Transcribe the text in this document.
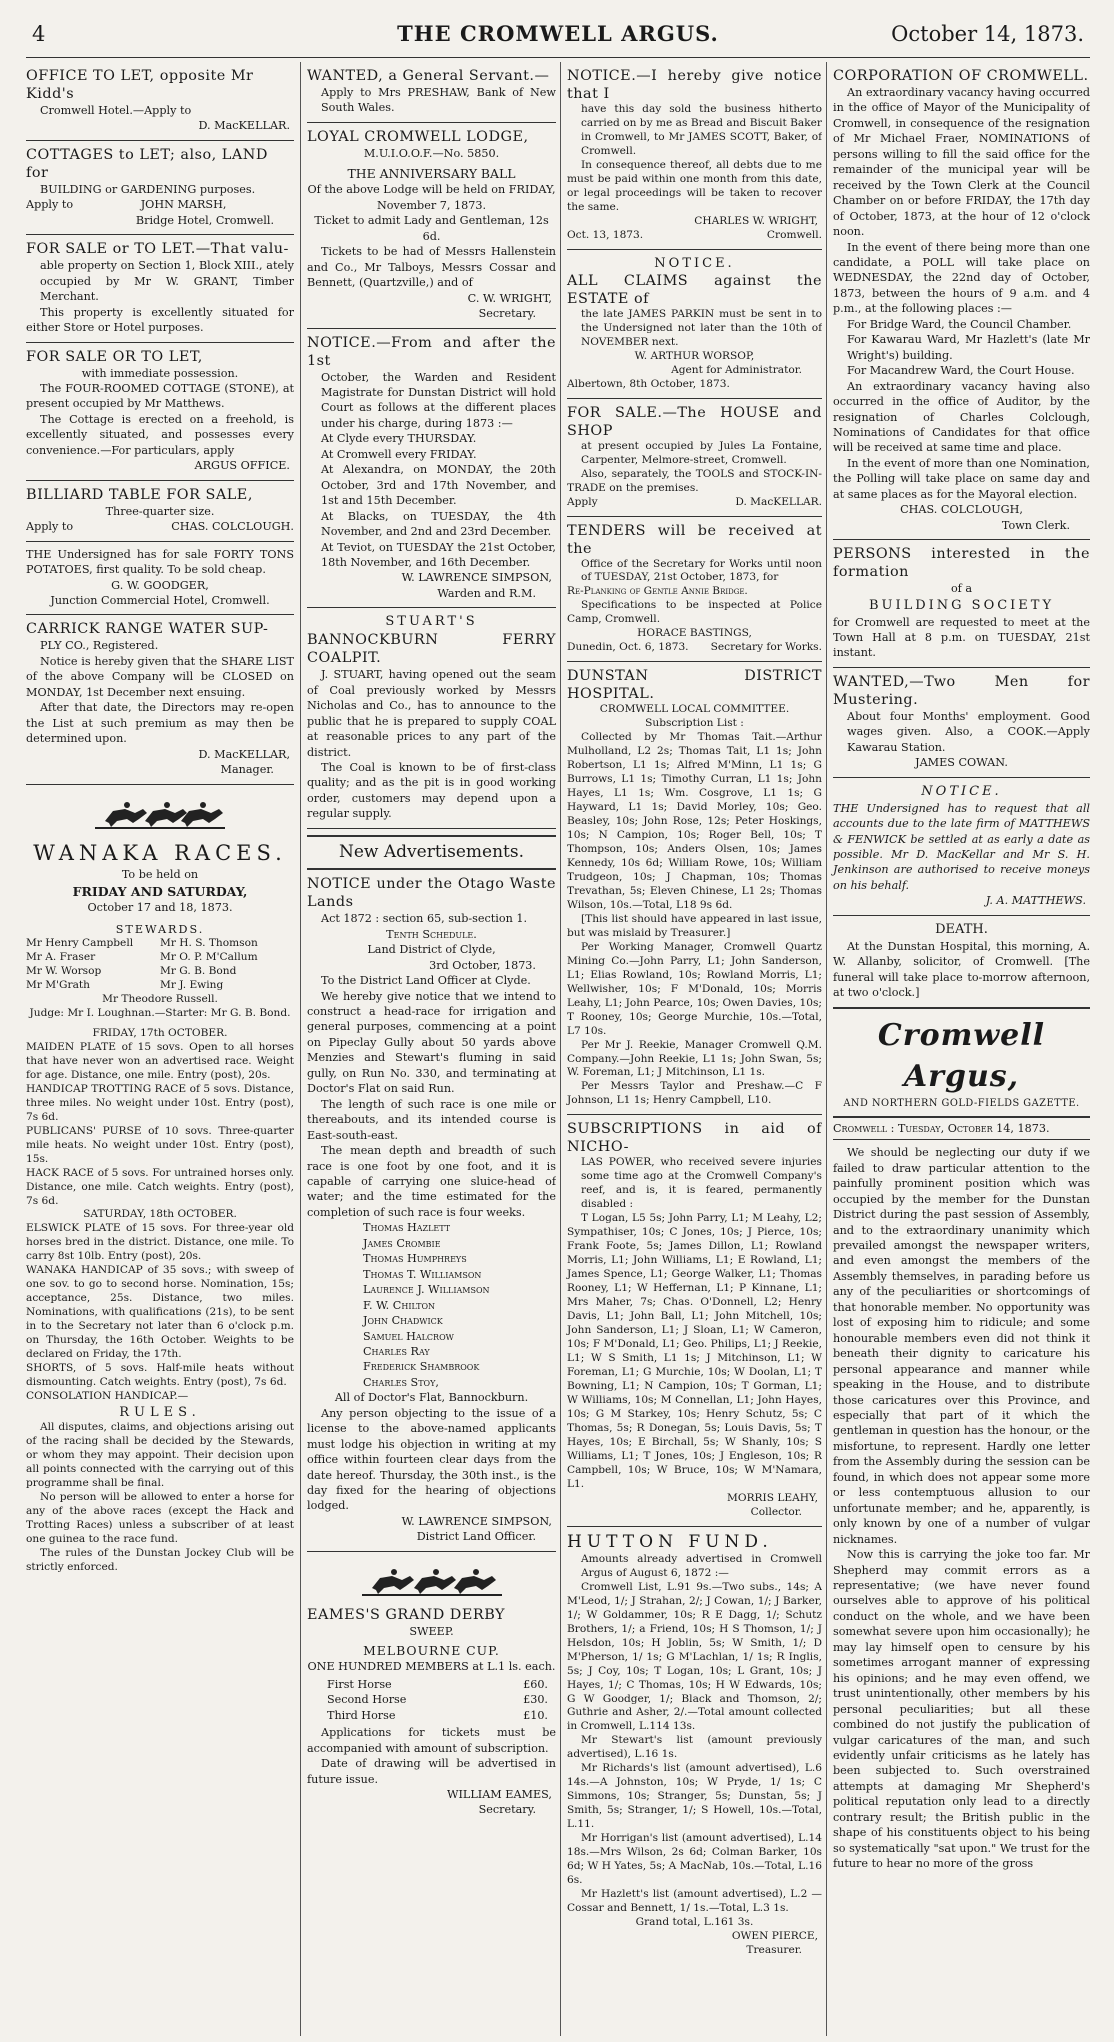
4	THE CROMWELL ARGUS.	October 14, 1873.

OFFICE TO LET, opposite Mr Kidd's

Cromwell Hotel.—Apply to

D. MacKELLAR.

COTTAGES to LET; also, LAND for

BUILDING or GARDENING purposes.

Apply to	JOHN MARSH,

Bridge Hotel, Cromwell.

FOR SALE or TO LET.—That valu-

able property on Section 1, Block XIII., ately occupied by Mr W. GRANT, Timber Merchant.

This property is excellently situated for either Store or Hotel purposes.

FOR SALE OR TO LET,

with immediate possession.

The FOUR-ROOMED COTTAGE (STONE), at present occupied by Mr Matthews.

The Cottage is erected on a freehold, is excellently situated, and possesses every convenience.—For particulars, apply

ARGUS OFFICE.

BILLIARD TABLE FOR SALE,

Three-quarter size.

Apply to	CHAS. COLCLOUGH.

THE Undersigned has for sale FORTY TONS POTATOES, first quality. To be sold cheap.

G. W. GOODGER,

Junction Commercial Hotel, Cromwell.

CARRICK RANGE WATER SUP-

PLY CO., Registered.

Notice is hereby given that the SHARE LIST of the above Company will be CLOSED on MONDAY, 1st December next ensuing.

After that date, the Directors may re-open the List at such premium as may then be determined upon.

D. MacKELLAR,

Manager.

WANAKA RACES.

To be held on

FRIDAY AND SATURDAY,

October 17 and 18, 1873.

STEWARDS.

Mr Henry Campbell	Mr H. S. Thomson
Mr A. Fraser	Mr O. P. M'Callum
Mr W. Worsop	Mr G. B. Bond
Mr M'Grath	Mr J. Ewing

Mr Theodore Russell.

Judge: Mr I. Loughnan.—Starter: Mr G. B. Bond.

FRIDAY, 17th OCTOBER.

MAIDEN PLATE of 15 sovs. Open to all horses that have never won an advertised race. Weight for age. Distance, one mile. Entry (post), 20s.

HANDICAP TROTTING RACE of 5 sovs. Distance, three miles. No weight under 10st. Entry (post), 7s 6d.

PUBLICANS' PURSE of 10 sovs. Three-quarter mile heats. No weight under 10st. Entry (post), 15s.

HACK RACE of 5 sovs. For untrained horses only. Distance, one mile. Catch weights. Entry (post), 7s 6d.

SATURDAY, 18th OCTOBER.

ELSWICK PLATE of 15 sovs. For three-year old horses bred in the district. Distance, one mile. To carry 8st 10lb. Entry (post), 20s.

WANAKA HANDICAP of 35 sovs.; with sweep of one sov. to go to second horse. Nomination, 15s; acceptance, 25s. Distance, two miles. Nominations, with qualifications (21s), to be sent in to the Secretary not later than 6 o'clock p.m. on Thursday, the 16th October. Weights to be declared on Friday, the 17th.

SHORTS, of 5 sovs. Half-mile heats without dismounting. Catch weights. Entry (post), 7s 6d.

CONSOLATION HANDICAP.—

RULES.

All disputes, claims, and objections arising out of the racing shall be decided by the Stewards, or whom they may appoint. Their decision upon all points connected with the carrying out of this programme shall be final.

No person will be allowed to enter a horse for any of the above races (except the Hack and Trotting Races) unless a subscriber of at least one guinea to the race fund.

The rules of the Dunstan Jockey Club will be strictly enforced.

WANTED, a General Servant.—

Apply to Mrs PRESHAW, Bank of New South Wales.

LOYAL CROMWELL LODGE,

M.U.I.O.O.F.—No. 5850.

THE ANNIVERSARY BALL

Of the above Lodge will be held on FRIDAY, November 7, 1873.

Ticket to admit Lady and Gentleman, 12s 6d.

Tickets to be had of Messrs Hallenstein and Co., Mr Talboys, Messrs Cossar and Bennett, (Quartzville,) and of

C. W. WRIGHT,

Secretary.

NOTICE.—From and after the 1st

October, the Warden and Resident Magistrate for Dunstan District will hold Court as follows at the different places under his charge, during 1873 :—

At Clyde every THURSDAY.

At Cromwell every FRIDAY.

At Alexandra, on MONDAY, the 20th October, 3rd and 17th November, and 1st and 15th December.

At Blacks, on TUESDAY, the 4th November, and 2nd and 23rd December.

At Teviot, on TUESDAY the 21st October, 18th November, and 16th December.

W. LAWRENCE SIMPSON,

Warden and R.M.

STUART'S

BANNOCKBURN FERRY COALPIT.

J. STUART, having opened out the seam of Coal previously worked by Messrs Nicholas and Co., has to announce to the public that he is prepared to supply COAL at reasonable prices to any part of the district.

The Coal is known to be of first-class quality; and as the pit is in good working order, customers may depend upon a regular supply.

New Advertisements.

NOTICE under the Otago Waste Lands

Act 1872 : section 65, sub-section 1.

Tenth Schedule.

Land District of Clyde,

3rd October, 1873.

To the District Land Officer at Clyde.

We hereby give notice that we intend to construct a head-race for irrigation and general purposes, commencing at a point on Pipeclay Gully about 50 yards above Menzies and Stewart's fluming in said gully, on Run No. 330, and terminating at Doctor's Flat on said Run.

The length of such race is one mile or thereabouts, and its intended course is East-south-east.

The mean depth and breadth of such race is one foot by one foot, and it is capable of carrying one sluice-head of water; and the time estimated for the completion of such race is four weeks.

Thomas Hazlett

James Crombie

Thomas Humphreys

Thomas T. Williamson

Laurence J. Williamson

F. W. Chilton

John Chadwick

Samuel Halcrow

Charles Ray

Frederick Shambrook

Charles Stoy,

All of Doctor's Flat, Bannockburn.

Any person objecting to the issue of a license to the above-named applicants must lodge his objection in writing at my office within fourteen clear days from the date hereof. Thursday, the 30th inst., is the day fixed for the hearing of objections lodged.

W. LAWRENCE SIMPSON,

District Land Officer.

EAMES'S GRAND DERBY

SWEEP.

MELBOURNE CUP.

ONE HUNDRED MEMBERS at L.1 ls. each.

First Horse	£60.

Second Horse	£30.

Third Horse	£10.

Applications for tickets must be accompanied with amount of subscription.

Date of drawing will be advertised in future issue.

WILLIAM EAMES,

Secretary.

NOTICE.—I hereby give notice that I

have this day sold the business hitherto carried on by me as Bread and Biscuit Baker in Cromwell, to Mr JAMES SCOTT, Baker, of Cromwell.

In consequence thereof, all debts due to me must be paid within one month from this date, or legal proceedings will be taken to recover the same.

CHARLES W. WRIGHT,

Oct. 13, 1873.	Cromwell.

NOTICE.

ALL CLAIMS against the ESTATE of

the late JAMES PARKIN must be sent in to the Undersigned not later than the 10th of NOVEMBER next.

W. ARTHUR WORSOP,

Agent for Administrator.

Albertown, 8th October, 1873.

FOR SALE.—The HOUSE and SHOP

at present occupied by Jules La Fontaine, Carpenter, Melmore-street, Cromwell.

Also, separately, the TOOLS and STOCK-IN-TRADE on the premises.

Apply	D. MacKELLAR.

TENDERS will be received at the

Office of the Secretary for Works until noon of TUESDAY, 21st October, 1873, for

Re-Planking of Gentle Annie Bridge.

Specifications to be inspected at Police Camp, Cromwell.

HORACE BASTINGS,

Dunedin, Oct. 6, 1873.	Secretary for Works.

DUNSTAN DISTRICT HOSPITAL.

CROMWELL LOCAL COMMITTEE.

Subscription List :

Collected by Mr Thomas Tait.—Arthur Mulholland, L2 2s; Thomas Tait, L1 1s; John Robertson, L1 1s; Alfred M'Minn, L1 1s; G Burrows, L1 1s; Timothy Curran, L1 1s; John Hayes, L1 1s; Wm. Cosgrove, L1 1s; G Hayward, L1 1s; David Morley, 10s; Geo. Beasley, 10s; John Rose, 12s; Peter Hoskings, 10s; N Campion, 10s; Roger Bell, 10s; T Thompson, 10s; Anders Olsen, 10s; James Kennedy, 10s 6d; William Rowe, 10s; William Trudgeon, 10s; J Chapman, 10s; Thomas Trevathan, 5s; Eleven Chinese, L1 2s; Thomas Wilson, 10s.—Total, L18 9s 6d.

[This list should have appeared in last issue, but was mislaid by Treasurer.]

Per Working Manager, Cromwell Quartz Mining Co.—John Parry, L1; John Sanderson, L1; Elias Rowland, 10s; Rowland Morris, L1; Wellwisher, 10s; F M'Donald, 10s; Morris Leahy, L1; John Pearce, 10s; Owen Davies, 10s; T Rooney, 10s; George Murchie, 10s.—Total, L7 10s.

Per Mr J. Reekie, Manager Cromwell Q.M. Company.—John Reekie, L1 1s; John Swan, 5s; W. Foreman, L1; J Mitchinson, L1 1s.

Per Messrs Taylor and Preshaw.—C F Johnson, L1 1s; Henry Campbell, L10.

SUBSCRIPTIONS in aid of NICHO-

LAS POWER, who received severe injuries some time ago at the Cromwell Company's reef, and is, it is feared, permanently disabled :

T Logan, L5 5s; John Parry, L1; M Leahy, L2; Sympathiser, 10s; C Jones, 10s; J Pierce, 10s; Frank Foote, 5s; James Dillon, L1; Rowland Morris, L1; John Williams, L1; E Rowland, L1; James Spence, L1; George Walker, L1; Thomas Rooney, L1; W Heffernan, L1; P Kinnane, L1; Mrs Maher, 7s; Chas. O'Donnell, L2; Henry Davis, L1; John Ball, L1; John Mitchell, 10s; John Sanderson, L1; J Sloan, L1; W Cameron, 10s; F M'Donald, L1; Geo. Philips, L1; J Reekie, L1; W S Smith, L1 1s; J Mitchinson, L1; W Foreman, L1; G Murchie, 10s; W Doolan, L1; T Bowning, L1; N Campion, 10s; T Gorman, L1; W Williams, 10s; M Connellan, L1; John Hayes, 10s; G M Starkey, 10s; Henry Schutz, 5s; C Thomas, 5s; R Donegan, 5s; Louis Davis, 5s; T Hayes, 10s; E Birchall, 5s; W Shanly, 10s; S Williams, L1; T Jones, 10s; J Engleson, 10s; R Campbell, 10s; W Bruce, 10s; W M'Namara, L1.

MORRIS LEAHY,

Collector.

HUTTON FUND.

Amounts already advertised in Cromwell Argus of August 6, 1872 :—

Cromwell List, L.91 9s.—Two subs., 14s; A M'Leod, 1/; J Strahan, 2/; J Cowan, 1/; J Barker, 1/; W Goldammer, 10s; R E Dagg, 1/; Schutz Brothers, 1/; a Friend, 10s; H S Thomson, 1/; J Helsdon, 10s; H Joblin, 5s; W Smith, 1/; D M'Pherson, 1/ 1s; G M'Lachlan, 1/ 1s; R Inglis, 5s; J Coy, 10s; T Logan, 10s; L Grant, 10s; J Hayes, 1/; C Thomas, 10s; H W Edwards, 10s; G W Goodger, 1/; Black and Thomson, 2/; Guthrie and Asher, 2/.—Total amount collected in Cromwell, L.114 13s.

Mr Stewart's list (amount previously advertised), L.16 1s.

Mr Richards's list (amount advertised), L.6 14s.—A Johnston, 10s; W Pryde, 1/ 1s; C Simmons, 10s; Stranger, 5s; Dunstan, 5s; J Smith, 5s; Stranger, 1/; S Howell, 10s.—Total, L.11.

Mr Horrigan's list (amount advertised), L.14 18s.—Mrs Wilson, 2s 6d; Colman Barker, 10s 6d; W H Yates, 5s; A MacNab, 10s.—Total, L.16 6s.

Mr Hazlett's list (amount advertised), L.2 — Cossar and Bennett, 1/ 1s.—Total, L.3 1s.

Grand total, L.161 3s.

OWEN PIERCE,

Treasurer.

CORPORATION OF CROMWELL.

An extraordinary vacancy having occurred in the office of Mayor of the Municipality of Cromwell, in consequence of the resignation of Mr Michael Fraer, NOMINATIONS of persons willing to fill the said office for the remainder of the municipal year will be received by the Town Clerk at the Council Chamber on or before FRIDAY, the 17th day of October, 1873, at the hour of 12 o'clock noon.

In the event of there being more than one candidate, a POLL will take place on WEDNESDAY, the 22nd day of October, 1873, between the hours of 9 a.m. and 4 p.m., at the following places :—

For Bridge Ward, the Council Chamber.

For Kawarau Ward, Mr Hazlett's (late Mr Wright's) building.

For Macandrew Ward, the Court House.

An extraordinary vacancy having also occurred in the office of Auditor, by the resignation of Charles Colclough, Nominations of Candidates for that office will be received at same time and place.

In the event of more than one Nomination, the Polling will take place on same day and at same places as for the Mayoral election.

CHAS. COLCLOUGH,

Town Clerk.

PERSONS interested in the formation

of a

BUILDING SOCIETY

for Cromwell are requested to meet at the Town Hall at 8 p.m. on TUESDAY, 21st instant.

WANTED,—Two Men for Mustering.

About four Months' employment. Good wages given. Also, a COOK.—Apply Kawarau Station.

JAMES COWAN.

NOTICE.

THE Undersigned has to request that all accounts due to the late firm of MATTHEWS & FENWICK be settled at as early a date as possible. Mr D. MacKellar and Mr S. H. Jenkinson are authorised to receive moneys on his behalf.

J. A. MATTHEWS.

DEATH.

At the Dunstan Hospital, this morning, A. W. Allanby, solicitor, of Cromwell. [The funeral will take place to-morrow afternoon, at two o'clock.]

Cromwell Argus,

AND NORTHERN GOLD-FIELDS GAZETTE.

Cromwell : Tuesday, October 14, 1873.

We should be neglecting our duty if we failed to draw particular attention to the painfully prominent position which was occupied by the member for the Dunstan District during the past session of Assembly, and to the extraordinary unanimity which prevailed amongst the newspaper writers, and even amongst the members of the Assembly themselves, in parading before us any of the peculiarities or shortcomings of that honorable member. No opportunity was lost of exposing him to ridicule; and some honourable members even did not think it beneath their dignity to caricature his personal appearance and manner while speaking in the House, and to distribute those caricatures over this Province, and especially that part of it which the gentleman in question has the honour, or the misfortune, to represent. Hardly one letter from the Assembly during the session can be found, in which does not appear some more or less contemptuous allusion to our unfortunate member; and he, apparently, is only known by one of a number of vulgar nicknames.

Now this is carrying the joke too far. Mr Shepherd may commit errors as a representative; (we have never found ourselves able to approve of his political conduct on the whole, and we have been somewhat severe upon him occasionally); he may lay himself open to censure by his sometimes arrogant manner of expressing his opinions; and he may even offend, we trust unintentionally, other members by his personal peculiarities; but all these combined do not justify the publication of vulgar caricatures of the man, and such evidently unfair criticisms as he lately has been subjected to. Such overstrained attempts at damaging Mr Shepherd's political reputation only lead to a directly contrary result; the British public in the shape of his constituents object to his being so systematically "sat upon." We trust for the future to hear no more of the gross
